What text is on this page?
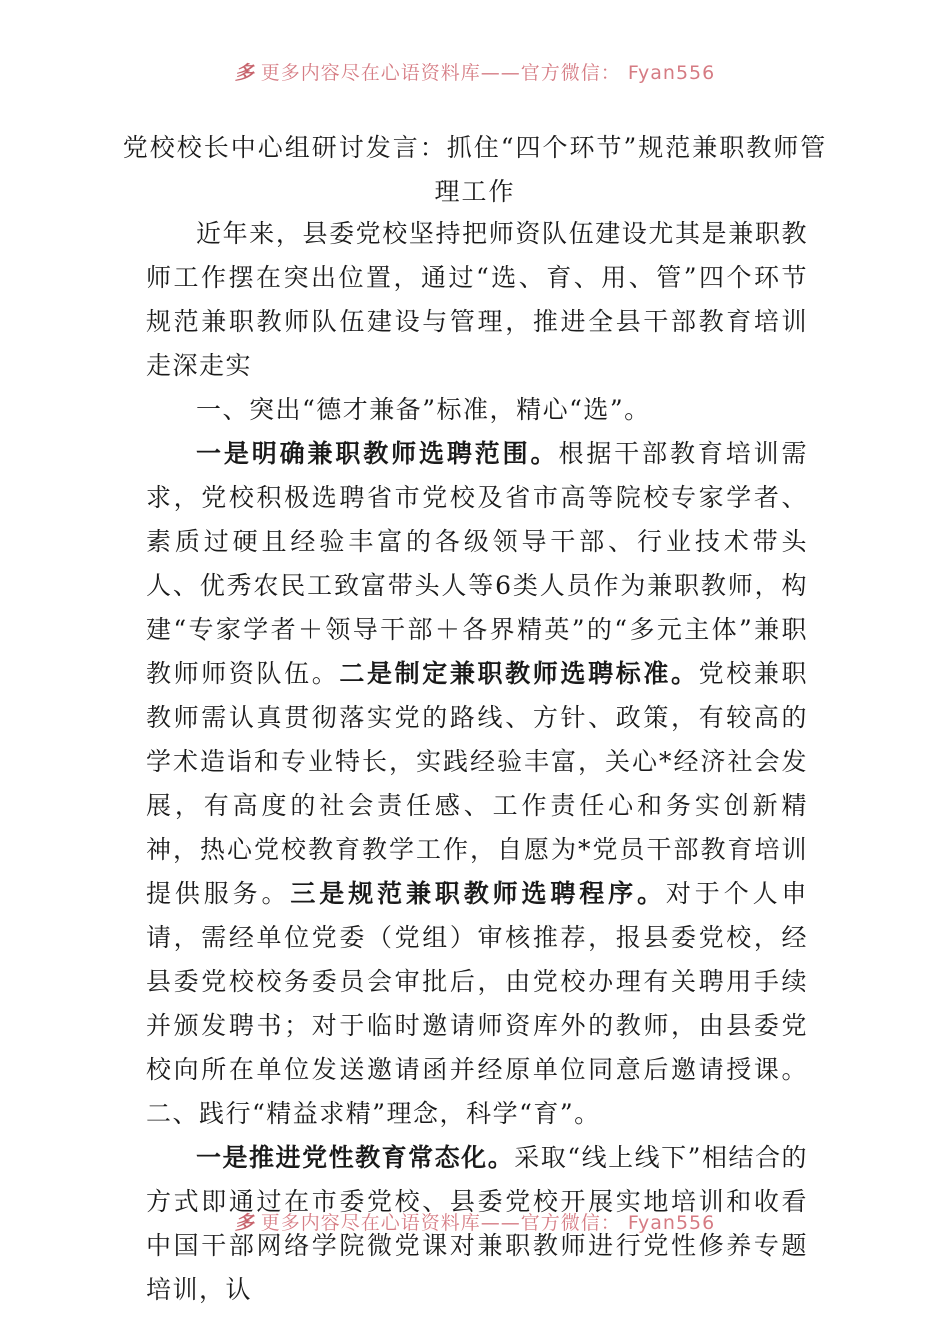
多 更多内容尽在心语资料库——官方微信： Fyan556
党校校长中心组研讨发言：抓住“四个环节”规范兼职教师管理工作

近年来，县委党校坚持把师资队伍建设尤其是兼职教师工作摆在突出位置，通过“选、育、用、管”四个环节规范兼职教师队伍建设与管理，推进全县干部教育培训走深走实

一、突出“德才兼备”标准，精心“选”。

一是明确兼职教师选聘范围。根据干部教育培训需求，党校积极选聘省市党校及省市高等院校专家学者、素质过硬且经验丰富的各级领导干部、行业技术带头人、优秀农民工致富带头人等6类人员作为兼职教师，构建“专家学者＋领导干部＋各界精英”的“多元主体”兼职教师师资队伍。二是制定兼职教师选聘标准。党校兼职教师需认真贯彻落实党的路线、方针、政策，有较高的学术造诣和专业特长，实践经验丰富，关心*经济社会发展，有高度的社会责任感、工作责任心和务实创新精神，热心党校教育教学工作，自愿为*党员干部教育培训提供服务。三是规范兼职教师选聘程序。对于个人申请，需经单位党委（党组）审核推荐，报县委党校，经县委党校校务委员会审批后，由党校办理有关聘用手续并颁发聘书；对于临时邀请师资库外的教师，由县委党校向所在单位发送邀请函并经原单位同意后邀请授课。二、践行“精益求精”理念，科学“育”。

一是推进党性教育常态化。采取“线上线下”相结合的方式即通过在市委党校、县委党校开展实地培训和收看中国干部网络学院微党课对兼职教师进行党性修养专题培训，认

多 更多内容尽在心语资料库——官方微信： Fyan556
